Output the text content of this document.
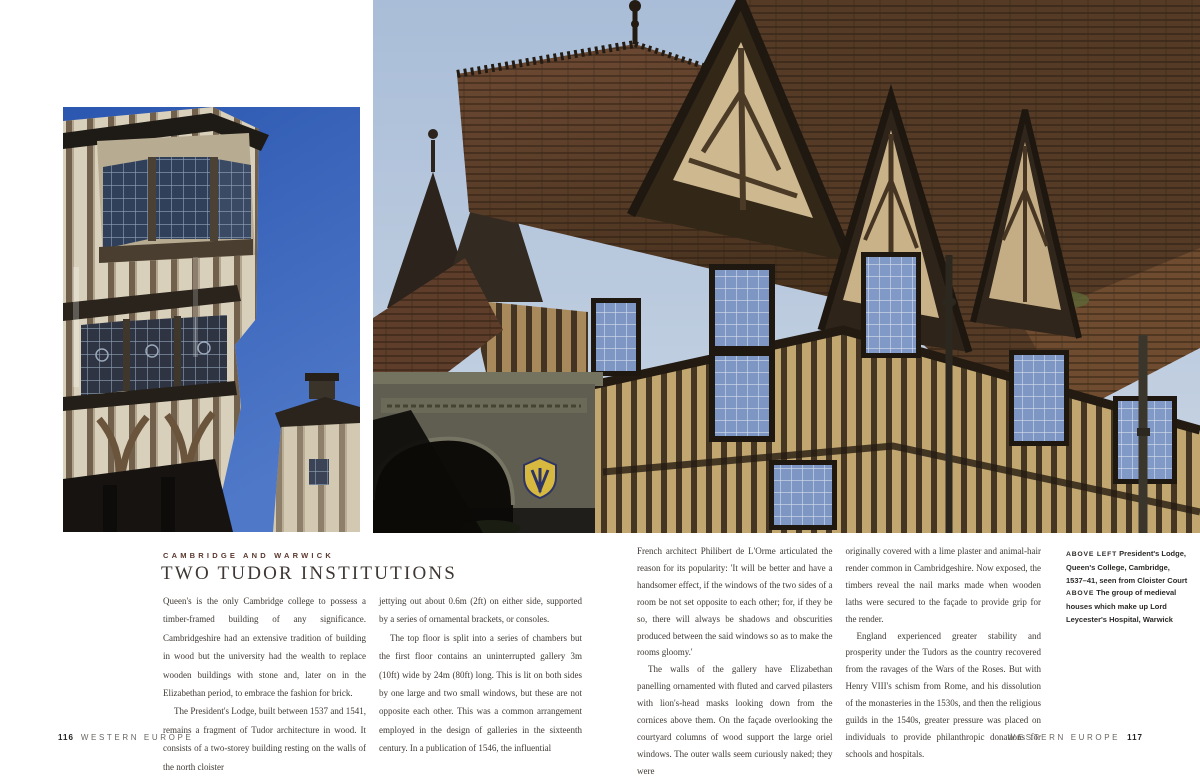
CAMBRIDGE AND WARWICK
TWO TUDOR INSTITUTIONS

Queen's is the only Cambridge college to possess a timber-framed building of any significance. Cambridgeshire had an extensive tradition of building in wood but the university had the wealth to replace wooden buildings with stone and, later on in the Elizabethan period, to embrace the fashion for brick.

The President's Lodge, built between 1537 and 1541, remains a fragment of Tudor architecture in wood. It consists of a two-storey building resting on the walls of the north cloister

jettying out about 0.6m (2ft) on either side, supported by a series of ornamental brackets, or consoles.

The top floor is split into a series of chambers but the first floor contains an uninterrupted gallery 3m (10ft) wide by 24m (80ft) long. This is lit on both sides by one large and two small windows, but these are not opposite each other. This was a common arrangement employed in the design of galleries in the sixteenth century. In a publication of 1546, the influential

French architect Philibert de L'Orme articulated the reason for its popularity: 'It will be better and have a handsomer effect, if the windows of the two sides of a room be not set opposite to each other; for, if they be so, there will always be shadows and obscurities produced between the said windows so as to make the rooms gloomy.'

The walls of the gallery have Elizabethan panelling ornamented with fluted and carved pilasters with lion's-head masks looking down from the cornices above them. On the façade overlooking the courtyard columns of wood support the large oriel windows. The outer walls seem curiously naked; they were

originally covered with a lime plaster and animal-hair render common in Cambridgeshire. Now exposed, the timbers reveal the nail marks made when wooden laths were secured to the façade to provide grip for the render.

England experienced greater stability and prosperity under the Tudors as the country recovered from the ravages of the Wars of the Roses. But with Henry VIII's schism from Rome, and his dissolution of the monasteries in the 1530s, and then the religious guilds in the 1540s, greater pressure was placed on individuals to provide philanthropic donations for schools and hospitals.

ABOVE LEFT President's Lodge, Queen's College, Cambridge, 1537–41, seen from Cloister Court

ABOVE The group of medieval houses which make up Lord Leycester's Hospital, Warwick

116 WESTERN EUROPE	WESTERN EUROPE 117
